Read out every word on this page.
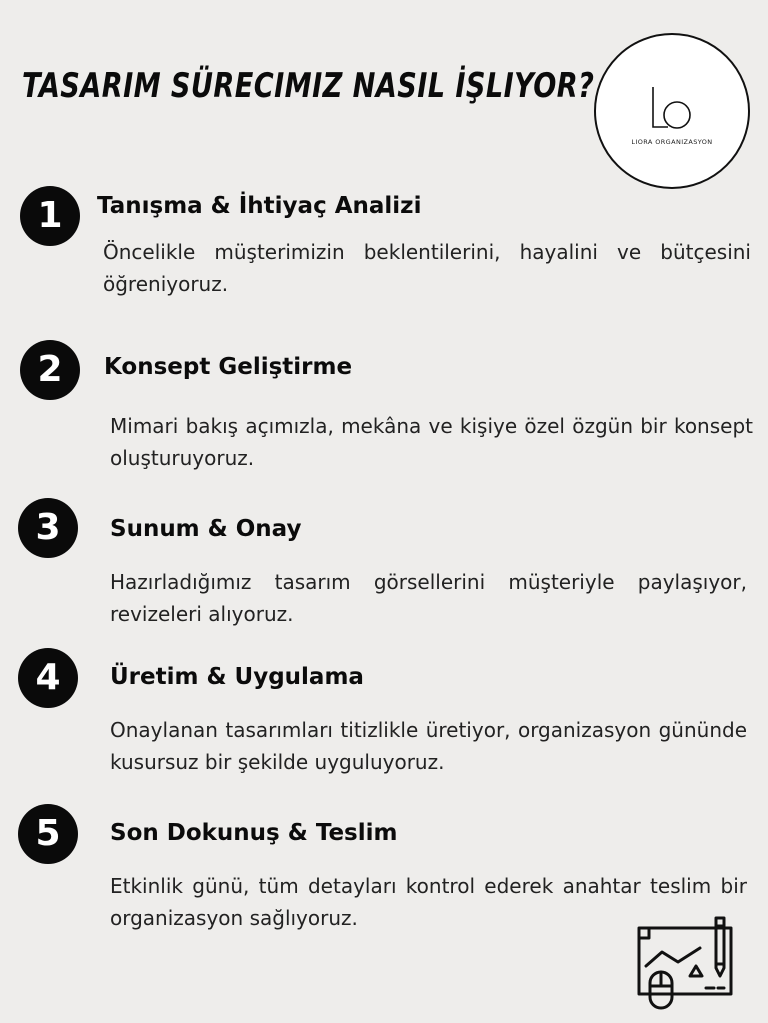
TASARIM SÜRECIMIZ NASIL İŞLIYOR?
LIORA ORGANIZASYON
1	Tanışma & İhtiyaç Analizi
Öncelikle müşterimizin beklentilerini, hayalini ve bütçesini öğreniyoruz.
2	Konsept Geliştirme
Mimari bakış açımızla, mekâna ve kişiye özel özgün bir konsept oluşturuyoruz.
3	Sunum & Onay
Hazırladığımız tasarım görsellerini müşteriyle paylaşıyor, revizeleri alıyoruz.
4	Üretim & Uygulama
Onaylanan tasarımları titizlikle üretiyor, organizasyon gününde kusursuz bir şekilde uyguluyoruz.
5	Son Dokunuş & Teslim
Etkinlik günü, tüm detayları kontrol ederek anahtar teslim bir organizasyon sağlıyoruz.
